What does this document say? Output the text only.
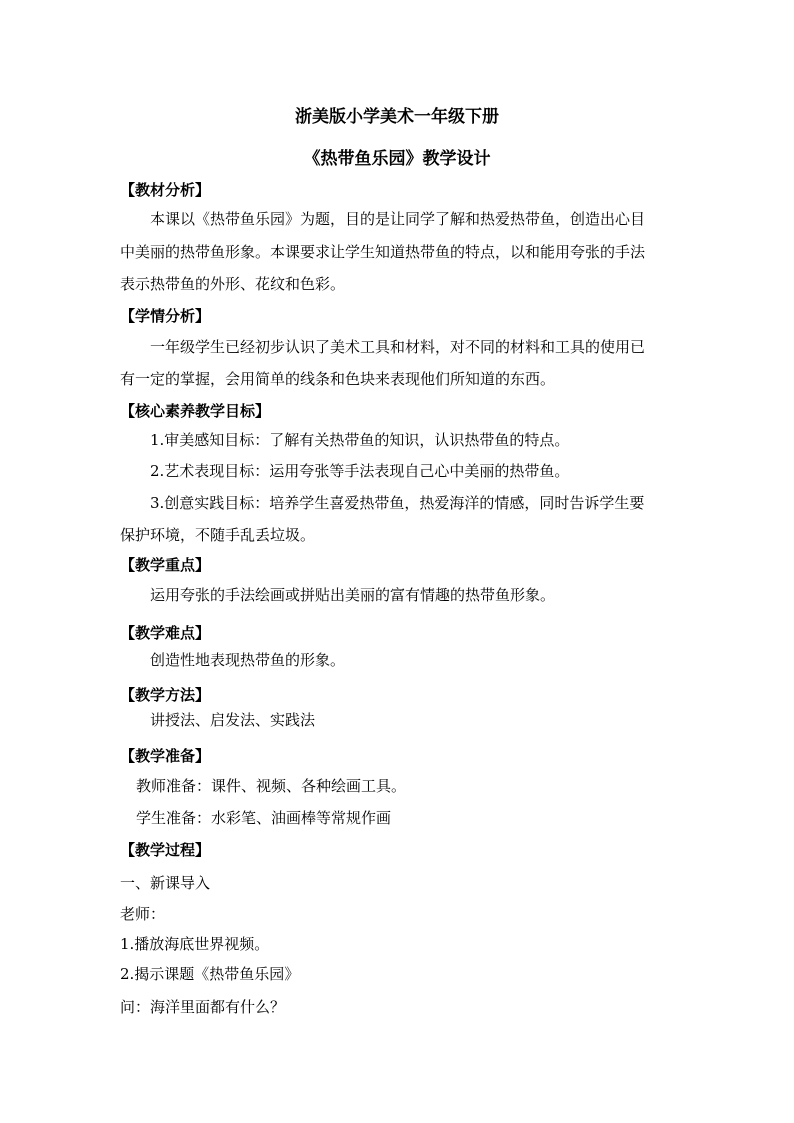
浙美版小学美术一年级下册

《热带鱼乐园》教学设计

【教材分析】

本课以《热带鱼乐园》为题，目的是让同学了解和热爱热带鱼，创造出心目

中美丽的热带鱼形象。本课要求让学生知道热带鱼的特点，以和能用夸张的手法

表示热带鱼的外形、花纹和色彩。

【学情分析】

一年级学生已经初步认识了美术工具和材料，对不同的材料和工具的使用已

有一定的掌握，会用简单的线条和色块来表现他们所知道的东西。

【核心素养教学目标】

1.审美感知目标：了解有关热带鱼的知识，认识热带鱼的特点。

2.艺术表现目标：运用夸张等手法表现自己心中美丽的热带鱼。

3.创意实践目标：培养学生喜爱热带鱼，热爱海洋的情感，同时告诉学生要

保护环境，不随手乱丢垃圾。

【教学重点】

运用夸张的手法绘画或拼贴出美丽的富有情趣的热带鱼形象。

【教学难点】

创造性地表现热带鱼的形象。

【教学方法】

讲授法、启发法、实践法

【教学准备】

教师准备：课件、视频、各种绘画工具。

学生准备：水彩笔、油画棒等常规作画

【教学过程】

一、新课导入

老师：

1.播放海底世界视频。

2.揭示课题《热带鱼乐园》

问：海洋里面都有什么？
